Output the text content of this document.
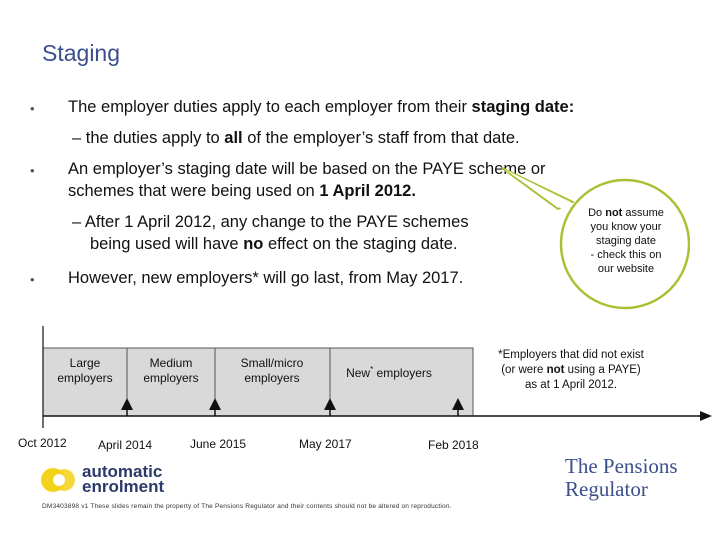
Staging
• The employer duties apply to each employer from their staging date:
– the duties apply to all of the employer’s staff from that date.
• An employer’s staging date will be based on the PAYE scheme or
schemes that were being used on 1 April 2012.
– After 1 April 2012, any change to the PAYE schemes
being used will have no effect on the staging date.
• However, new employers* will go last, from May 2017.
Do not assume
you know your
staging date
- check this on
our website
Large
employers
Medium
employers
Small/micro
employers	New* employers
Oct 2012	April 2014	June 2015	May 2017	Feb 2018
*Employers that did not exist
(or were not using a PAYE)
as at 1 April 2012.
automatic
enrolment
The Pensions
Regulator
DM3403898 v1 These slides remain the property of The Pensions Regulator and their contents should not be altered on reproduction.
